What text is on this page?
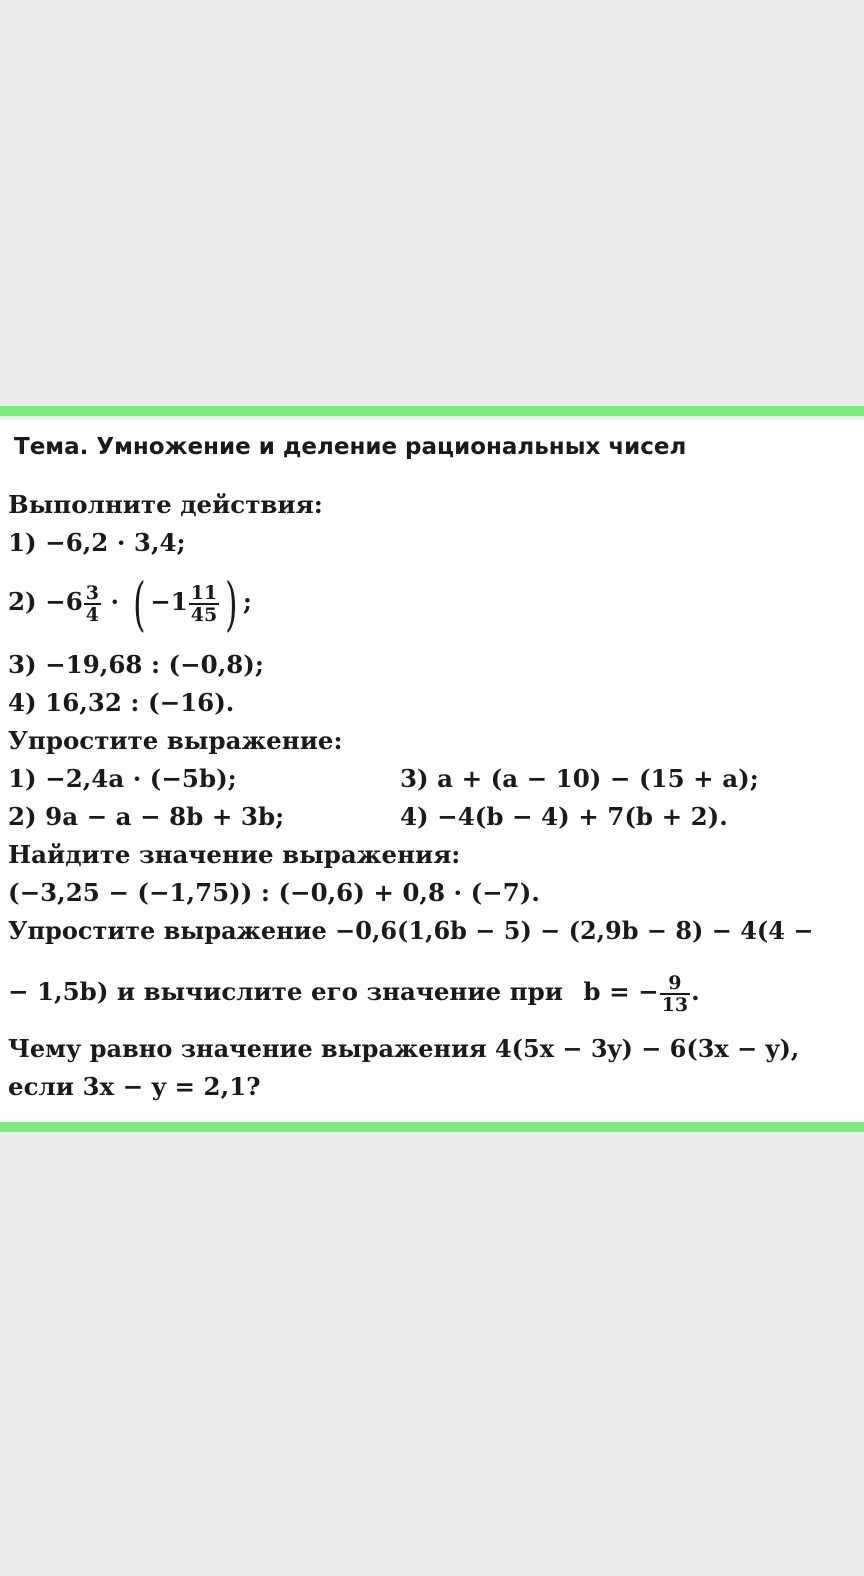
Тема. Умножение и деление рациональных чисел
Выполните действия:
1) −6,2 · 3,4;
$2) -6 \frac{3}{4}$ · ( $-1 \frac{11}{45}$ ) ;
3) −19,68 : (−0,8);
4) 16,32 : (−16).
Упростите выражение:
1) −2,4a · (−5b);	3) a + (a − 10) − (15 + a);
2) 9a − a − 8b + 3b;	4) −4(b − 4) + 7(b + 2).
Найдите значение выражения:
(−3,25 − (−1,75)) : (−0,6) + 0,8 · (−7).
Упростите выражение −0,6(1,6b − 5) − (2,9b − 8) − 4(4 −
− 1,5b) и вычислите его значение при b = − $\frac{9}{13}$ .
Чему равно значение выражения 4(5x − 3y) − 6(3x − y),
если 3x − y = 2,1?
